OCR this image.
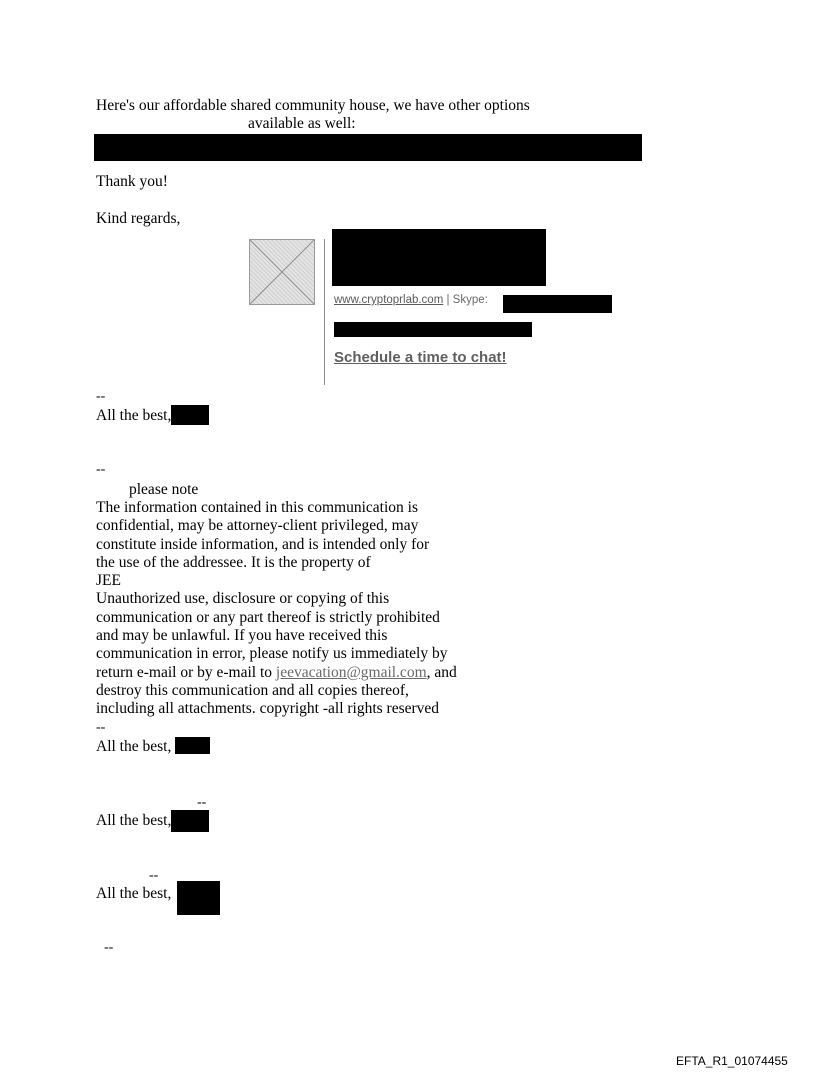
Here's our affordable shared community house, we have other options
available as well:
Thank you!
Kind regards,
www.cryptoprlab.com | Skype:
Schedule a time to chat!
--
All the best,
--
please note
The information contained in this communication is
confidential, may be attorney-client privileged, may
constitute inside information, and is intended only for
the use of the addressee. It is the property of
JEE
Unauthorized use, disclosure or copying of this
communication or any part thereof is strictly prohibited
and may be unlawful. If you have received this
communication in error, please notify us immediately by
return e-mail or by e-mail to jeevacation@gmail.com, and
destroy this communication and all copies thereof,
including all attachments. copyright -all rights reserved
--
All the best,
--
All the best,
--
All the best,
--
EFTA_R1_01074455
